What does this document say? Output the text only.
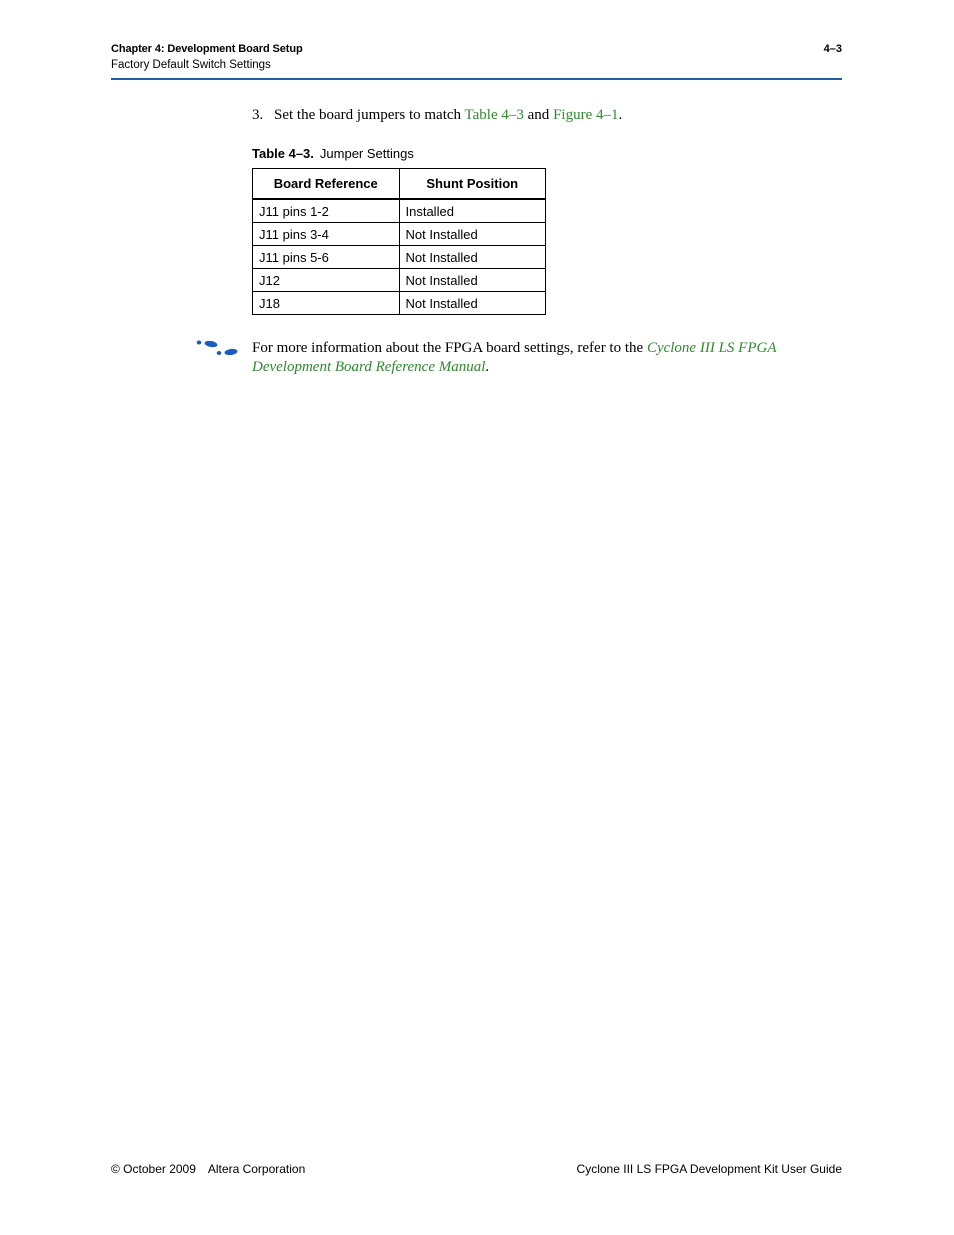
Chapter 4: Development Board Setup
Factory Default Switch Settings
4–3
3. Set the board jumpers to match Table 4–3 and Figure 4–1.
Table 4–3. Jumper Settings
Board Reference	Shunt Position
J11 pins 1-2	Installed
J11 pins 3-4	Not Installed
J11 pins 5-6	Not Installed
J12	Not Installed
J18	Not Installed
For more information about the FPGA board settings, refer to the Cyclone III LS FPGA Development Board Reference Manual.
© October 2009 Altera Corporation	Cyclone III LS FPGA Development Kit User Guide
